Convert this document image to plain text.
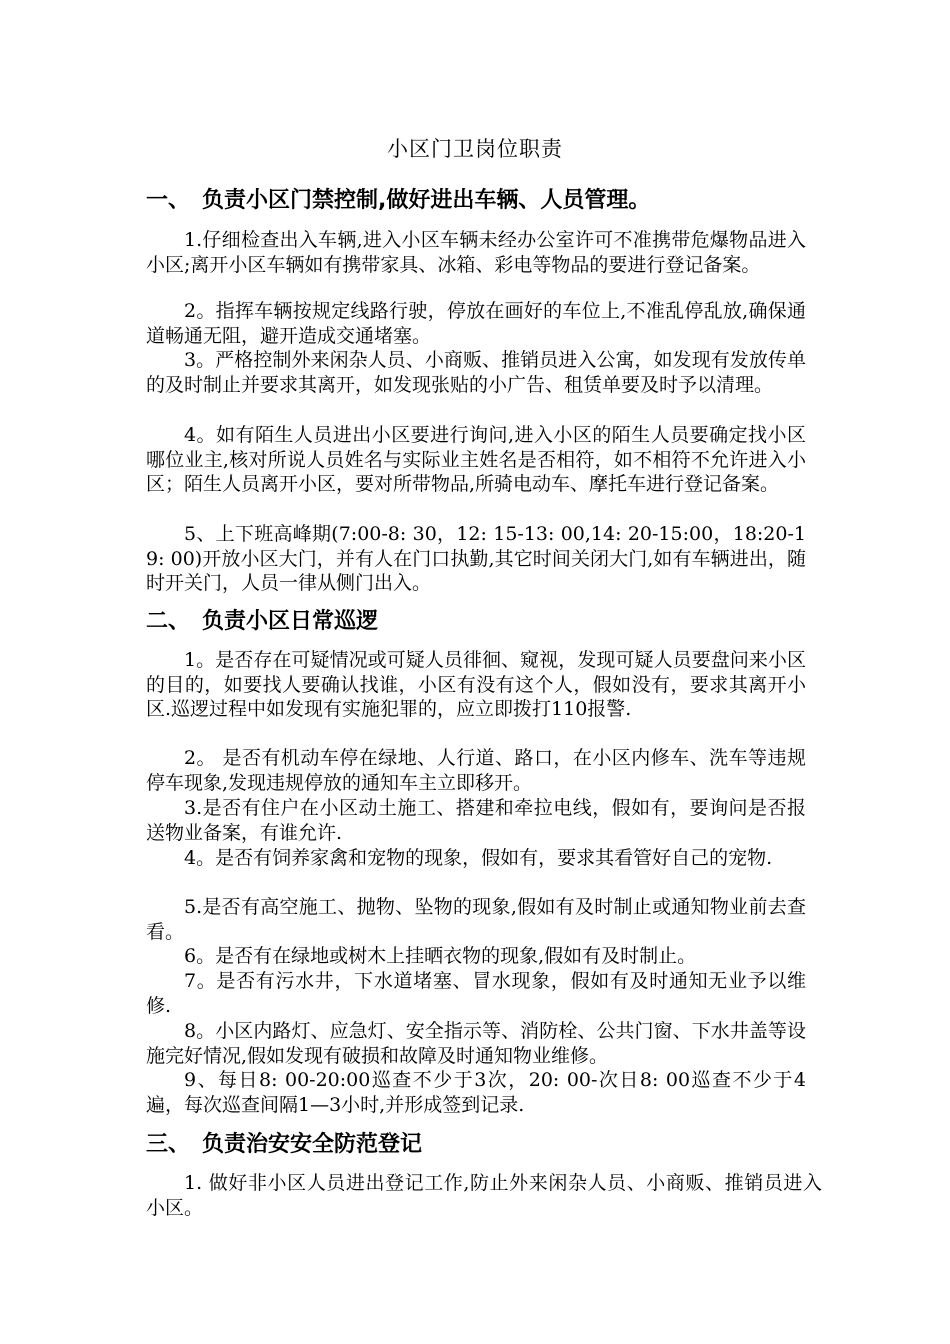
小区门卫岗位职责
一、 负责小区门禁控制,做好进出车辆、人员管理。
1.仔细检查出入车辆,进入小区车辆未经办公室许可不准携带危爆物品进入小区;离开小区车辆如有携带家具、冰箱、彩电等物品的要进行登记备案。
2。指挥车辆按规定线路行驶，停放在画好的车位上,不准乱停乱放,确保通道畅通无阻，避开造成交通堵塞。
3。严格控制外来闲杂人员、小商贩、推销员进入公寓，如发现有发放传单的及时制止并要求其离开，如发现张贴的小广告、租赁单要及时予以清理。
4。如有陌生人员进出小区要进行询问,进入小区的陌生人员要确定找小区哪位业主,核对所说人员姓名与实际业主姓名是否相符，如不相符不允许进入小区；陌生人员离开小区，要对所带物品,所骑电动车、摩托车进行登记备案。
5、上下班高峰期(7:00-8: 30，12: 15-13: 00,14: 20-15:00，18:20-19: 00)开放小区大门，并有人在门口执勤,其它时间关闭大门,如有车辆进出，随时开关门，人员一律从侧门出入。
二、 负责小区日常巡逻
1。是否存在可疑情况或可疑人员徘徊、窥视，发现可疑人员要盘问来小区的目的，如要找人要确认找谁，小区有没有这个人，假如没有，要求其离开小区.巡逻过程中如发现有实施犯罪的，应立即拨打110报警.
2。 是否有机动车停在绿地、人行道、路口，在小区内修车、洗车等违规停车现象,发现违规停放的通知车主立即移开。
3.是否有住户在小区动土施工、搭建和牵拉电线，假如有，要询问是否报送物业备案，有谁允许.
4。是否有饲养家禽和宠物的现象，假如有，要求其看管好自己的宠物.
5.是否有高空施工、抛物、坠物的现象,假如有及时制止或通知物业前去查看。
6。是否有在绿地或树木上挂晒衣物的现象,假如有及时制止。
7。是否有污水井，下水道堵塞、冒水现象，假如有及时通知无业予以维修.
8。小区内路灯、应急灯、安全指示等、消防栓、公共门窗、下水井盖等设施完好情况,假如发现有破损和故障及时通知物业维修。
9、每日8: 00-20:00巡查不少于3次，20: 00-次日8: 00巡查不少于4遍，每次巡查间隔1—3小时,并形成签到记录.
三、 负责治安安全防范登记
1. 做好非小区人员进出登记工作,防止外来闲杂人员、小商贩、推销员进入小区。
